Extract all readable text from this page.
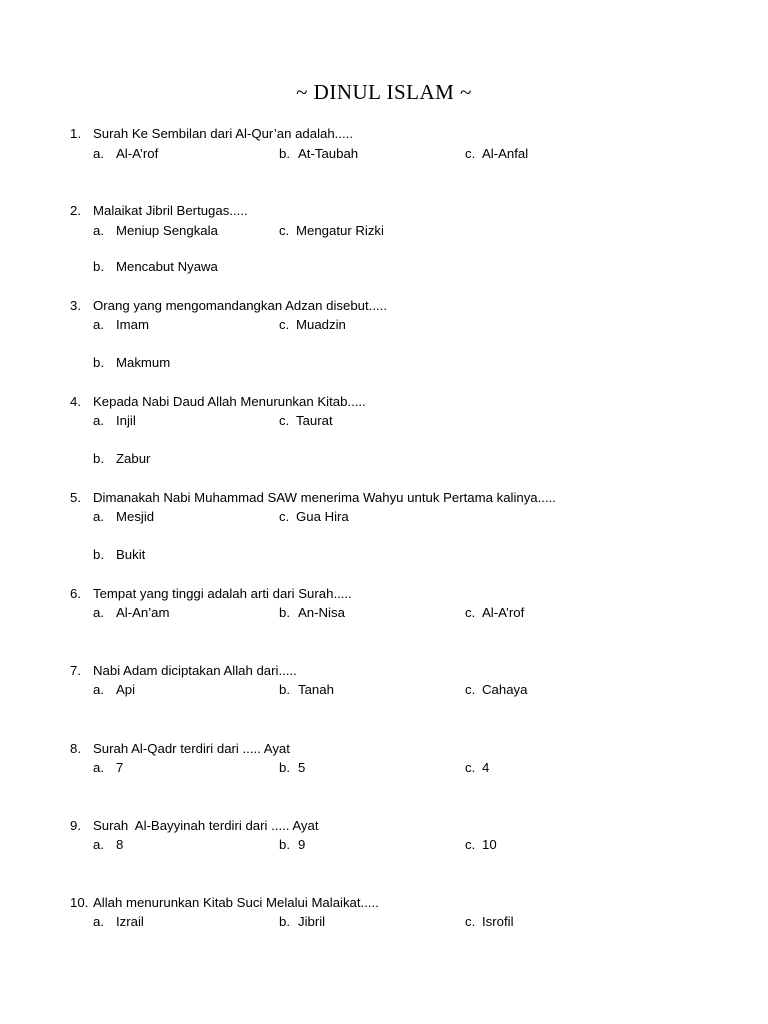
~ DINUL ISLAM ~
1. Surah Ke Sembilan dari Al-Qur’an adalah.....
a. Al-A’rof	b. At-Taubah	c. Al-Anfal
2. Malaikat Jibril Bertugas.....
a. Meniup Sengkala	c. Mengatur Rizki
b. Mencabut Nyawa
3. Orang yang mengomandangkan Adzan disebut.....
a. Imam	c. Muadzin
b. Makmum
4. Kepada Nabi Daud Allah Menurunkan Kitab.....
a. Injil	c. Taurat
b. Zabur
5. Dimanakah Nabi Muhammad SAW menerima Wahyu untuk Pertama kalinya.....
a. Mesjid	c. Gua Hira
b. Bukit
6. Tempat yang tinggi adalah arti dari Surah.....
a. Al-An’am	b. An-Nisa	c. Al-A’rof
7. Nabi Adam diciptakan Allah dari.....
a. Api	b. Tanah	c. Cahaya
8. Surah Al-Qadr terdiri dari ..... Ayat
a. 7	b. 5	c. 4
9. Surah  Al-Bayyinah terdiri dari ..... Ayat
a. 8	b. 9	c. 10
10. Allah menurunkan Kitab Suci Melalui Malaikat.....
a. Izrail	b. Jibril	c. Isrofil
